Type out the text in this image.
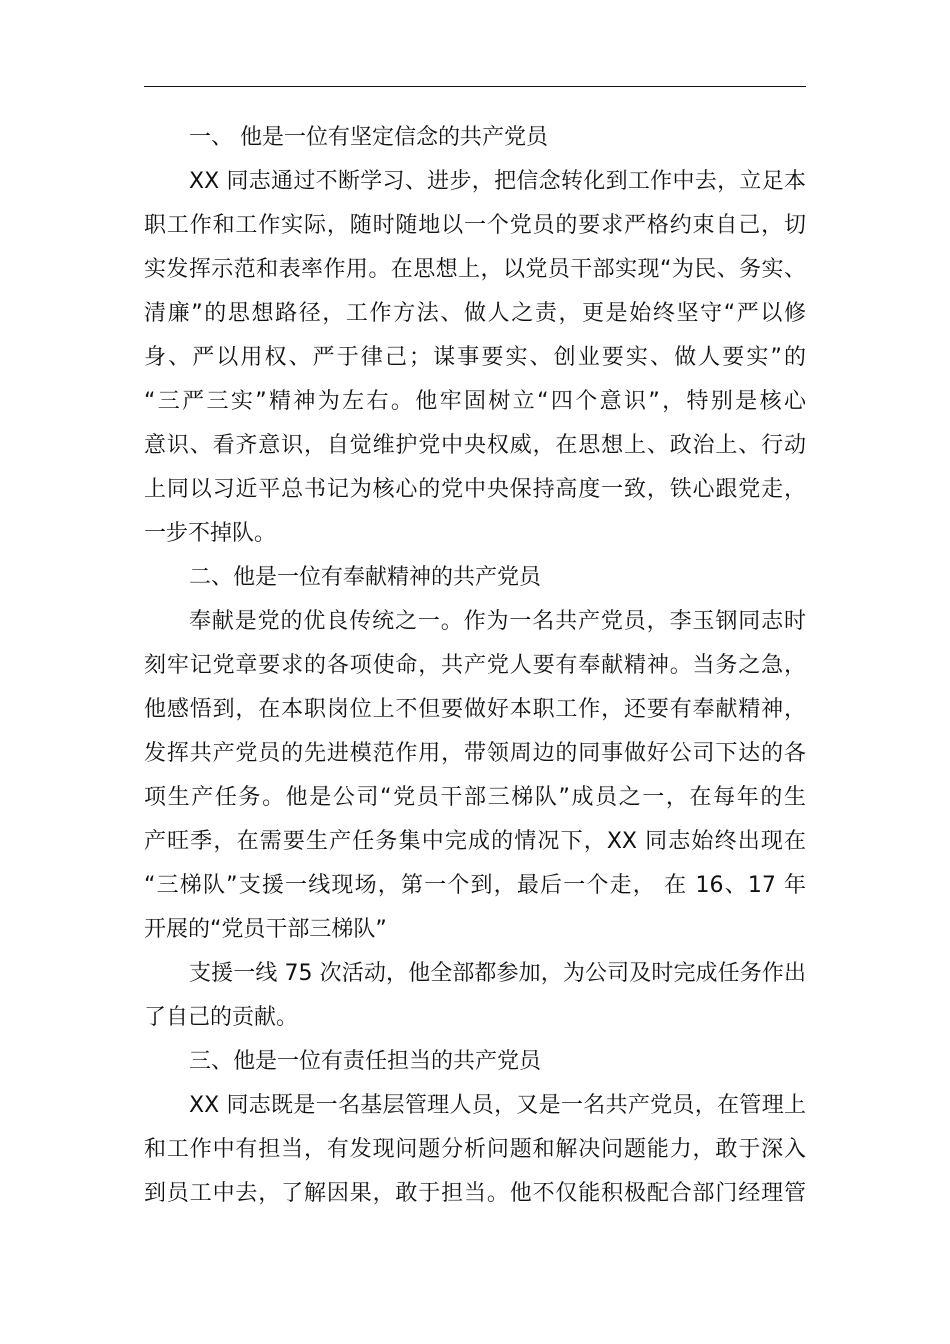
一、 他是一位有坚定信念的共产党员
XX 同志通过不断学习、进步，把信念转化到工作中去，立足本
职工作和工作实际，随时随地以一个党员的要求严格约束自己，切
实发挥示范和表率作用。在思想上，以党员干部实现“为民、务实、
清廉”的思想路径，工作方法、做人之责，更是始终坚守“严以修
身、严以用权、严于律己；谋事要实、创业要实、做人要实”的
“三严三实”精神为左右。他牢固树立“四个意识”，特别是核心
意识、看齐意识，自觉维护党中央权威，在思想上、政治上、行动
上同以习近平总书记为核心的党中央保持高度一致，铁心跟党走，
一步不掉队。
二、他是一位有奉献精神的共产党员
奉献是党的优良传统之一。作为一名共产党员，李玉钢同志时
刻牢记党章要求的各项使命，共产党人要有奉献精神。当务之急，
他感悟到，在本职岗位上不但要做好本职工作，还要有奉献精神，
发挥共产党员的先进模范作用，带领周边的同事做好公司下达的各
项生产任务。他是公司“党员干部三梯队”成员之一，在每年的生
产旺季，在需要生产任务集中完成的情况下，XX 同志始终出现在
“三梯队”支援一线现场，第一个到，最后一个走， 在 16、17 年
开展的“党员干部三梯队”
支援一线 75 次活动，他全部都参加，为公司及时完成任务作出
了自己的贡献。
三、他是一位有责任担当的共产党员
XX 同志既是一名基层管理人员，又是一名共产党员，在管理上
和工作中有担当，有发现问题分析问题和解决问题能力，敢于深入
到员工中去，了解因果，敢于担当。他不仅能积极配合部门经理管
